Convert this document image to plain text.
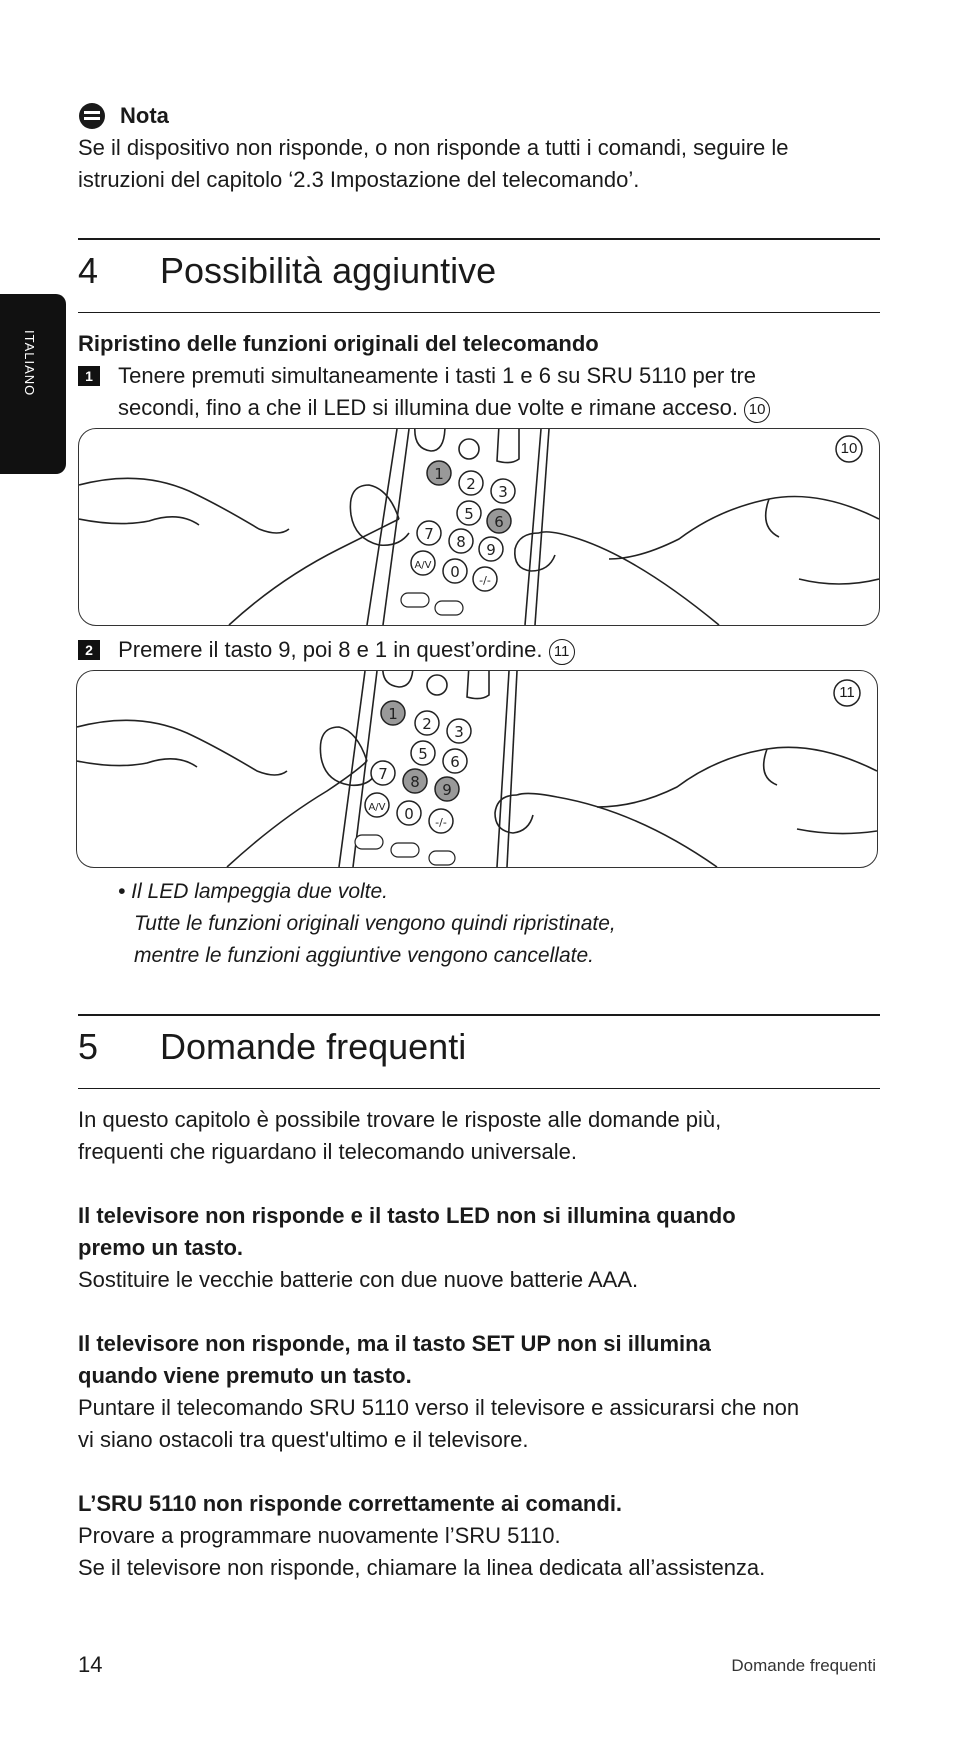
ITALIANO
Nota
Se il dispositivo non risponde, o non risponde a tutti i comandi, seguire le
istruzioni del capitolo ‘2.3 Impostazione del telecomando’.
4 Possibilità aggiuntive
Ripristino delle funzioni originali del telecomando
1 Tenere premuti simultaneamente i tasti 1 e 6 su SRU 5110 per tre
secondi, fino a che il LED si illumina due volte e rimane acceso. 10
1
2 3
5 6
7 8 9
A/V 0 -/-
10
2 Premere il tasto 9, poi 8 e 1 in quest’ordine. 11
1
2 3
5 6
7 8 9
A/V 0 -/-
11
• Il LED lampeggia due volte.
Tutte le funzioni originali vengono quindi ripristinate,
mentre le funzioni aggiuntive vengono cancellate.
5 Domande frequenti
In questo capitolo è possibile trovare le risposte alle domande più,
frequenti che riguardano il telecomando universale.
Il televisore non risponde e il tasto LED non si illumina quando
premo un tasto.
Sostituire le vecchie batterie con due nuove batterie AAA.
Il televisore non risponde, ma il tasto SET UP non si illumina
quando viene premuto un tasto.
Puntare il telecomando SRU 5110 verso il televisore e assicurarsi che non
vi siano ostacoli tra quest'ultimo e il televisore.
L’SRU 5110 non risponde correttamente ai comandi.
Provare a programmare nuovamente l’SRU 5110.
Se il televisore non risponde, chiamare la linea dedicata all’assistenza.
14	Domande frequenti
